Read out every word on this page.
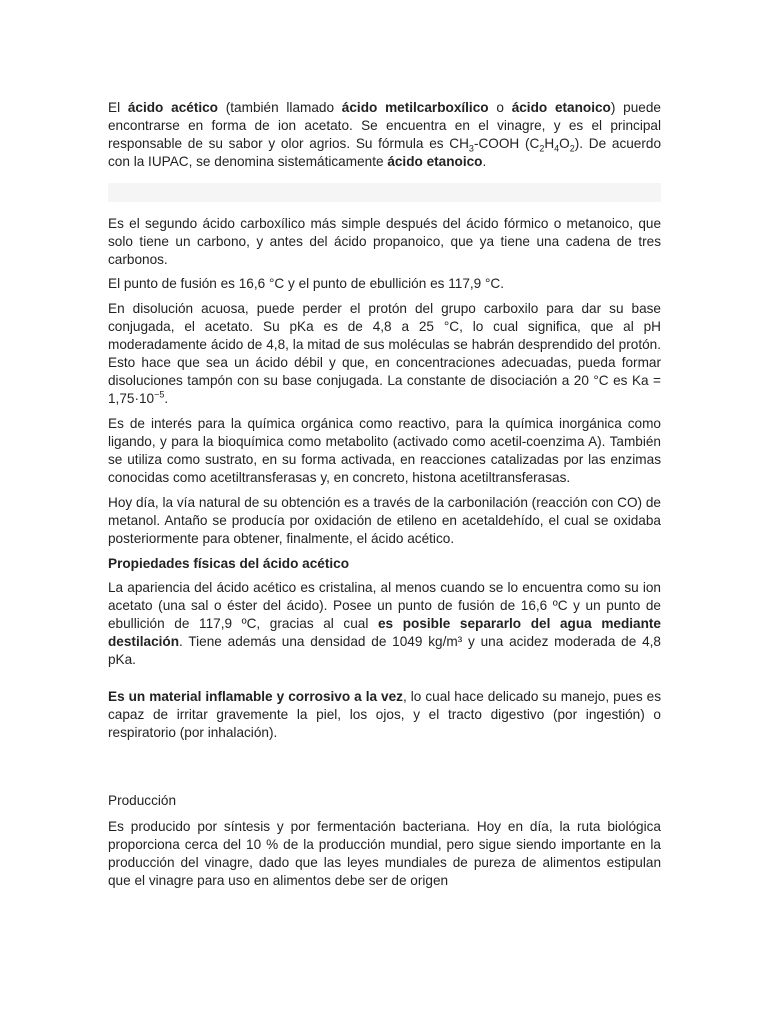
El ácido acético (también llamado ácido metilcarboxílico o ácido etanoico) puede encontrarse en forma de ion acetato. Se encuentra en el vinagre, y es el principal responsable de su sabor y olor agrios. Su fórmula es $CH_3$-COOH $(C_2H_4O_2)$. De acuerdo con la IUPAC, se denomina sistemáticamente ácido etanoico.

Es el segundo ácido carboxílico más simple después del ácido fórmico o metanoico, que solo tiene un carbono, y antes del ácido propanoico, que ya tiene una cadena de tres carbonos.

El punto de fusión es 16,6 °C y el punto de ebullición es 117,9 °C.

En disolución acuosa, puede perder el protón del grupo carboxilo para dar su base conjugada, el acetato. Su pKa es de 4,8 a 25 °C, lo cual significa, que al pH moderadamente ácido de 4,8, la mitad de sus moléculas se habrán desprendido del protón. Esto hace que sea un ácido débil y que, en concentraciones adecuadas, pueda formar disoluciones tampón con su base conjugada. La constante de disociación a 20 °C es $Ka = 1,75\cdot 10^{-5}$.

Es de interés para la química orgánica como reactivo, para la química inorgánica como ligando, y para la bioquímica como metabolito (activado como acetil-coenzima A). También se utiliza como sustrato, en su forma activada, en reacciones catalizadas por las enzimas conocidas como acetiltransferasas y, en concreto, histona acetiltransferasas.

Hoy día, la vía natural de su obtención es a través de la carbonilación (reacción con CO) de metanol. Antaño se producía por oxidación de etileno en acetaldehído, el cual se oxidaba posteriormente para obtener, finalmente, el ácido acético.

Propiedades físicas del ácido acético

La apariencia del ácido acético es cristalina, al menos cuando se lo encuentra como su ion acetato (una sal o éster del ácido). Posee un punto de fusión de 16,6 ºC y un punto de ebullición de 117,9 ºC, gracias al cual es posible separarlo del agua mediante destilación. Tiene además una densidad de 1049 kg/m³ y una acidez moderada de 4,8 pKa.

Es un material inflamable y corrosivo a la vez, lo cual hace delicado su manejo, pues es capaz de irritar gravemente la piel, los ojos, y el tracto digestivo (por ingestión) o respiratorio (por inhalación).

Producción

Es producido por síntesis y por fermentación bacteriana. Hoy en día, la ruta biológica proporciona cerca del 10 % de la producción mundial, pero sigue siendo importante en la producción del vinagre, dado que las leyes mundiales de pureza de alimentos estipulan que el vinagre para uso en alimentos debe ser de origen
